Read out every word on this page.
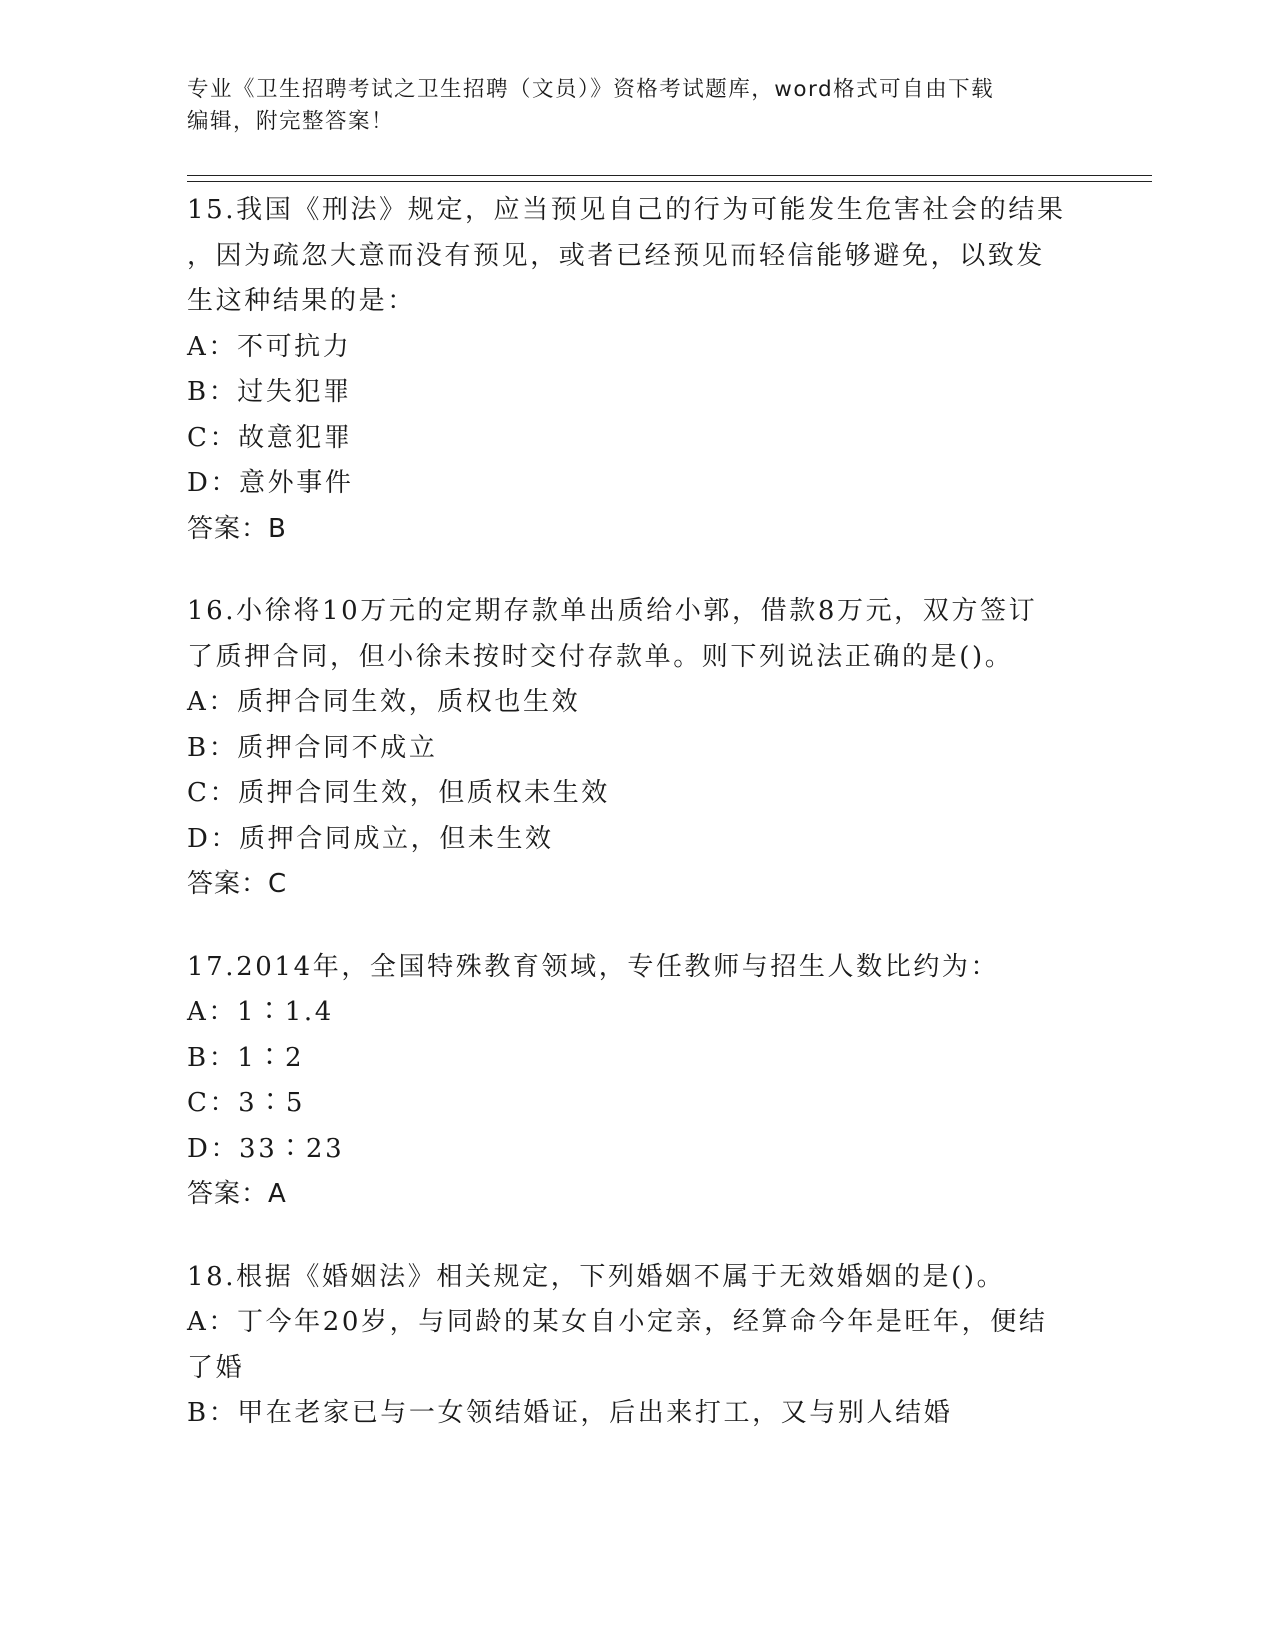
专业《卫生招聘考试之卫生招聘（文员）》资格考试题库，word格式可自由下载
编辑，附完整答案！
15.我国《刑法》规定，应当预见自己的行为可能发生危害社会的结果
，因为疏忽大意而没有预见，或者已经预见而轻信能够避免，以致发
生这种结果的是：
A：不可抗力
B：过失犯罪
C：故意犯罪
D：意外事件
答案：B
16.小徐将10万元的定期存款单出质给小郭，借款8万元，双方签订
了质押合同，但小徐未按时交付存款单。则下列说法正确的是()。
A：质押合同生效，质权也生效
B：质押合同不成立
C：质押合同生效，但质权未生效
D：质押合同成立，但未生效
答案：C
17.2014年，全国特殊教育领域，专任教师与招生人数比约为：
A：1∶1.4
B：1∶2
C：3∶5
D：33∶23
答案：A
18.根据《婚姻法》相关规定，下列婚姻不属于无效婚姻的是()。
A：丁今年20岁，与同龄的某女自小定亲，经算命今年是旺年，便结
了婚
B：甲在老家已与一女领结婚证，后出来打工，又与别人结婚
